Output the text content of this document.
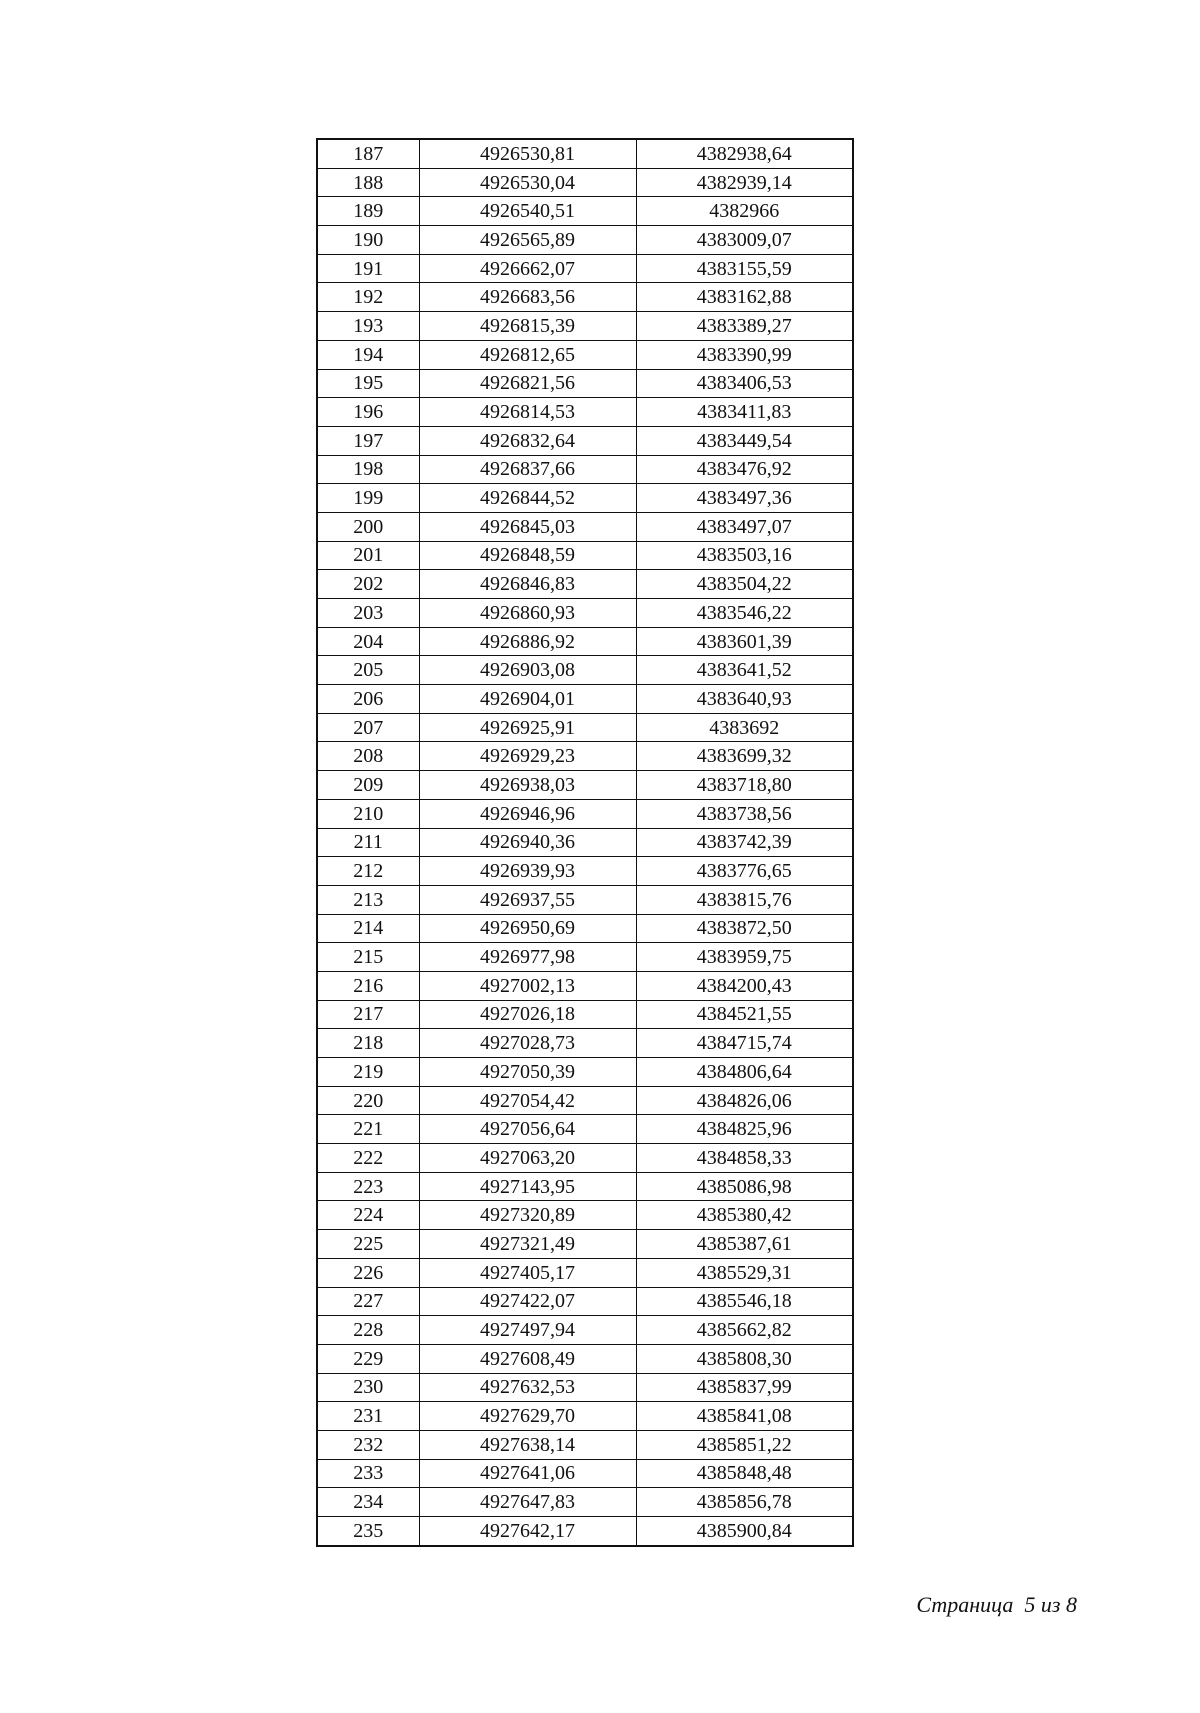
187	4926530,81	4382938,64
188	4926530,04	4382939,14
189	4926540,51	4382966
190	4926565,89	4383009,07
191	4926662,07	4383155,59
192	4926683,56	4383162,88
193	4926815,39	4383389,27
194	4926812,65	4383390,99
195	4926821,56	4383406,53
196	4926814,53	4383411,83
197	4926832,64	4383449,54
198	4926837,66	4383476,92
199	4926844,52	4383497,36
200	4926845,03	4383497,07
201	4926848,59	4383503,16
202	4926846,83	4383504,22
203	4926860,93	4383546,22
204	4926886,92	4383601,39
205	4926903,08	4383641,52
206	4926904,01	4383640,93
207	4926925,91	4383692
208	4926929,23	4383699,32
209	4926938,03	4383718,80
210	4926946,96	4383738,56
211	4926940,36	4383742,39
212	4926939,93	4383776,65
213	4926937,55	4383815,76
214	4926950,69	4383872,50
215	4926977,98	4383959,75
216	4927002,13	4384200,43
217	4927026,18	4384521,55
218	4927028,73	4384715,74
219	4927050,39	4384806,64
220	4927054,42	4384826,06
221	4927056,64	4384825,96
222	4927063,20	4384858,33
223	4927143,95	4385086,98
224	4927320,89	4385380,42
225	4927321,49	4385387,61
226	4927405,17	4385529,31
227	4927422,07	4385546,18
228	4927497,94	4385662,82
229	4927608,49	4385808,30
230	4927632,53	4385837,99
231	4927629,70	4385841,08
232	4927638,14	4385851,22
233	4927641,06	4385848,48
234	4927647,83	4385856,78
235	4927642,17	4385900,84
Страница  5 из 8
